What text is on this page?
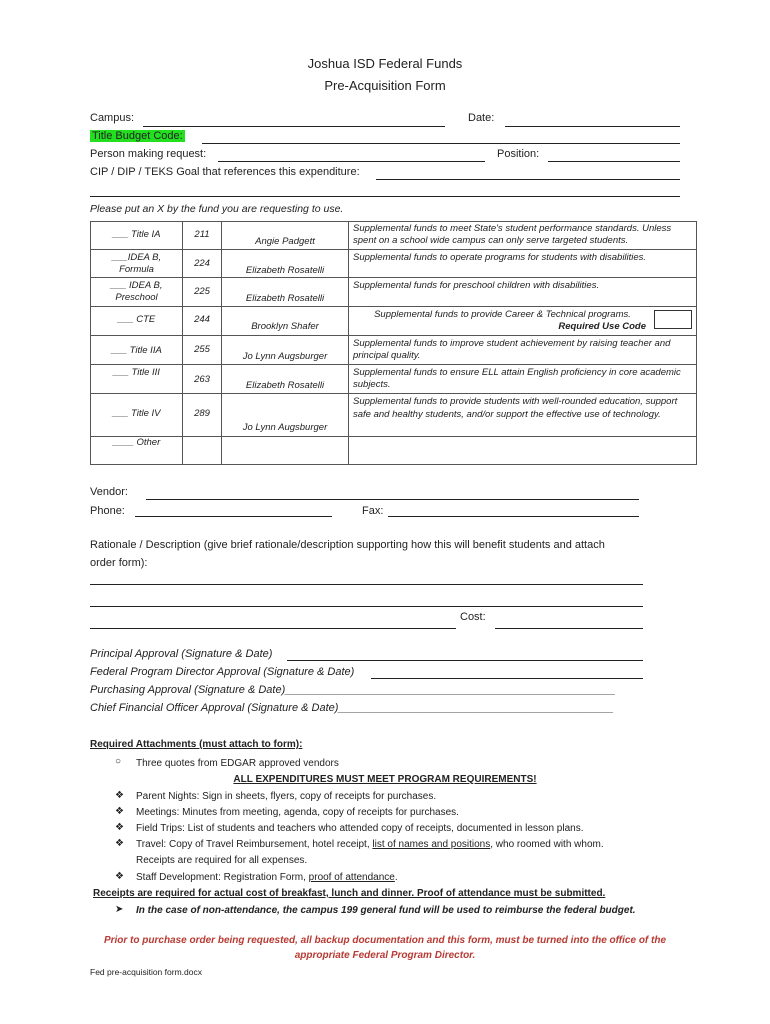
Joshua ISD Federal Funds
Pre-Acquisition Form
Campus:	Date:
Title Budget Code:
Person making request:	Position:
CIP / DIP / TEKS Goal that references this expenditure:
Please put an X by the fund you are requesting to use.
___ Title IA	211	Angie Padgett	Supplemental funds to meet State's student performance standards. Unless spent on a school wide campus can only serve targeted students.
___IDEA B,
Formula	224	Elizabeth Rosatelli	Supplemental funds to operate programs for students with disabilities.
___ IDEA B,
Preschool	225	Elizabeth Rosatelli	Supplemental funds for preschool children with disabilities.
___ CTE	244	Brooklyn Shafer	Supplemental funds to provide Career & Technical programs.
Required Use Code

___ Title IIA	255	Jo Lynn Augsburger	Supplemental funds to improve student achievement by raising teacher and principal quality.
___ Title III	263	Elizabeth Rosatelli	Supplemental funds to ensure ELL attain English proficiency in core academic subjects.
___ Title IV	289	Jo Lynn Augsburger	Supplemental funds to provide students with well-rounded education, support safe and healthy students, and/or support the effective use of technology.
____ Other			
Vendor:
Phone:	Fax:
Rationale / Description (give brief rationale/description supporting how this will benefit students and attach
order form):
Cost:
Principal Approval (Signature & Date)
Federal Program Director Approval (Signature & Date)
Purchasing Approval (Signature & Date)______________________________________________________
Chief Financial Officer Approval (Signature & Date)_____________________________________________
Required Attachments (must attach to form):
○ Three quotes from EDGAR approved vendors
ALL EXPENDITURES MUST MEET PROGRAM REQUIREMENTS!
❖ Parent Nights: Sign in sheets, flyers, copy of receipts for purchases.
❖ Meetings: Minutes from meeting, agenda, copy of receipts for purchases.
❖ Field Trips: List of students and teachers who attended copy of receipts, documented in lesson plans.
❖ Travel: Copy of Travel Reimbursement, hotel receipt, list of names and positions, who roomed with whom.
Receipts are required for all expenses.
❖ Staff Development: Registration Form, proof of attendance.
Receipts are required for actual cost of breakfast, lunch and dinner. Proof of attendance must be submitted.
➤ In the case of non-attendance, the campus 199 general fund will be used to reimburse the federal budget.
Prior to purchase order being requested, all backup documentation and this form, must be turned into the office of the
appropriate Federal Program Director.
Fed pre-acquisition form.docx
